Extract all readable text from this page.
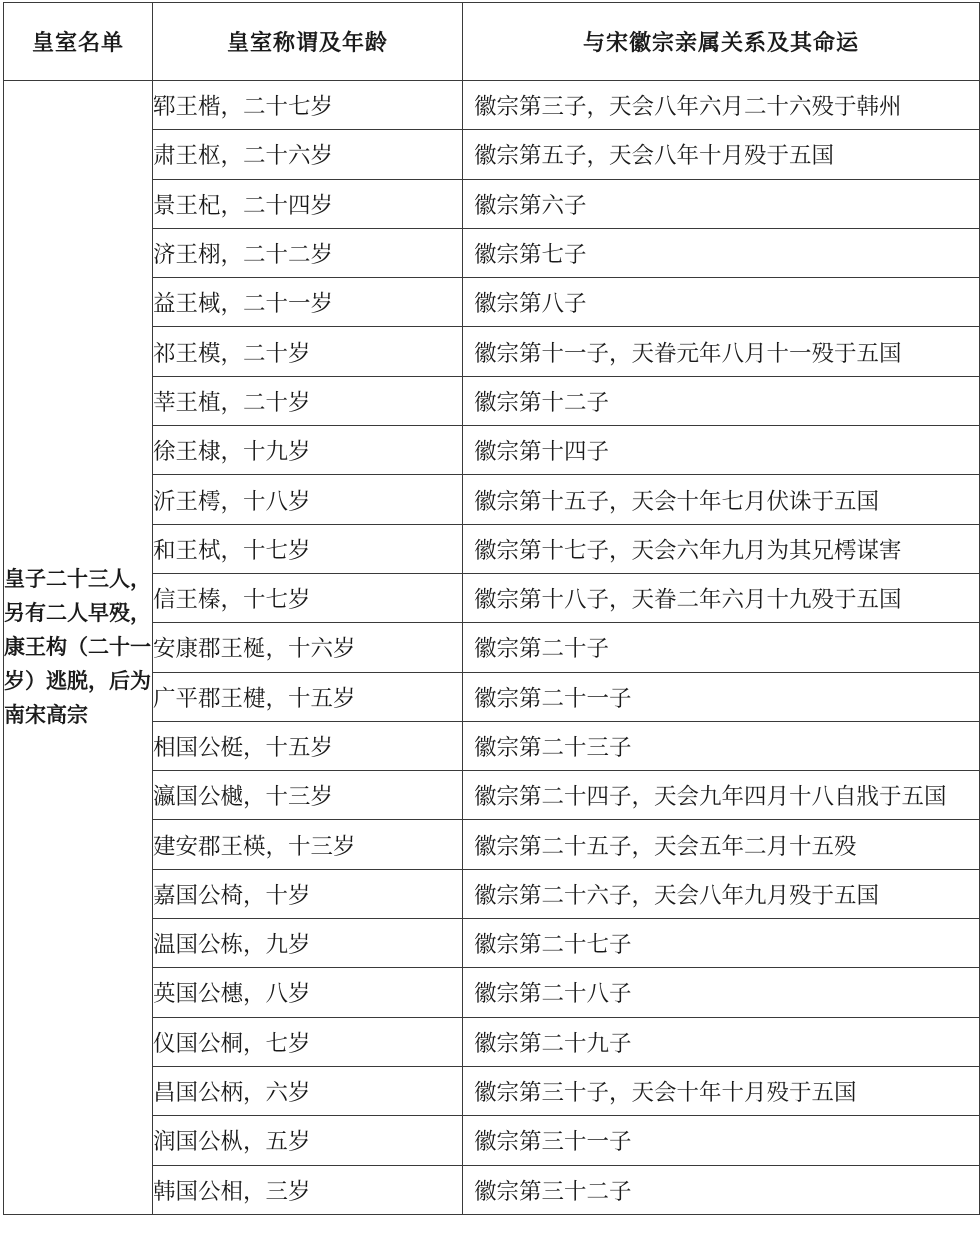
皇室名单	皇室称谓及年龄	与宋徽宗亲属关系及其命运

皇子二十三人，另有二人早殁，康王构（二十一岁）逃脱，后为南宋高宗	郓王楷，二十七岁	徽宗第三子，天会八年六月二十六殁于韩州
	肃王枢，二十六岁	徽宗第五子，天会八年十月殁于五国
	景王杞，二十四岁	徽宗第六子
	济王栩，二十二岁	徽宗第七子
	益王棫，二十一岁	徽宗第八子
	祁王模，二十岁	徽宗第十一子，天眷元年八月十一殁于五国
	莘王植，二十岁	徽宗第十二子
	徐王棣，十九岁	徽宗第十四子
	沂王樗，十八岁	徽宗第十五子，天会十年七月伏诛于五国
	和王栻，十七岁	徽宗第十七子，天会六年九月为其兄樗谋害
	信王榛，十七岁	徽宗第十八子，天眷二年六月十九殁于五国
	安康郡王梴，十六岁	徽宗第二十子
	广平郡王楗，十五岁	徽宗第二十一子
	相国公梃，十五岁	徽宗第二十三子
	瀛国公樾，十三岁	徽宗第二十四子，天会九年四月十八自戕于五国
	建安郡王楧，十三岁	徽宗第二十五子，天会五年二月十五殁
	嘉国公椅，十岁	徽宗第二十六子，天会八年九月殁于五国
	温国公栋，九岁	徽宗第二十七子
	英国公橞，八岁	徽宗第二十八子
	仪国公桐，七岁	徽宗第二十九子
	昌国公柄，六岁	徽宗第三十子，天会十年十月殁于五国
	润国公枞，五岁	徽宗第三十一子
	韩国公相，三岁	徽宗第三十二子
